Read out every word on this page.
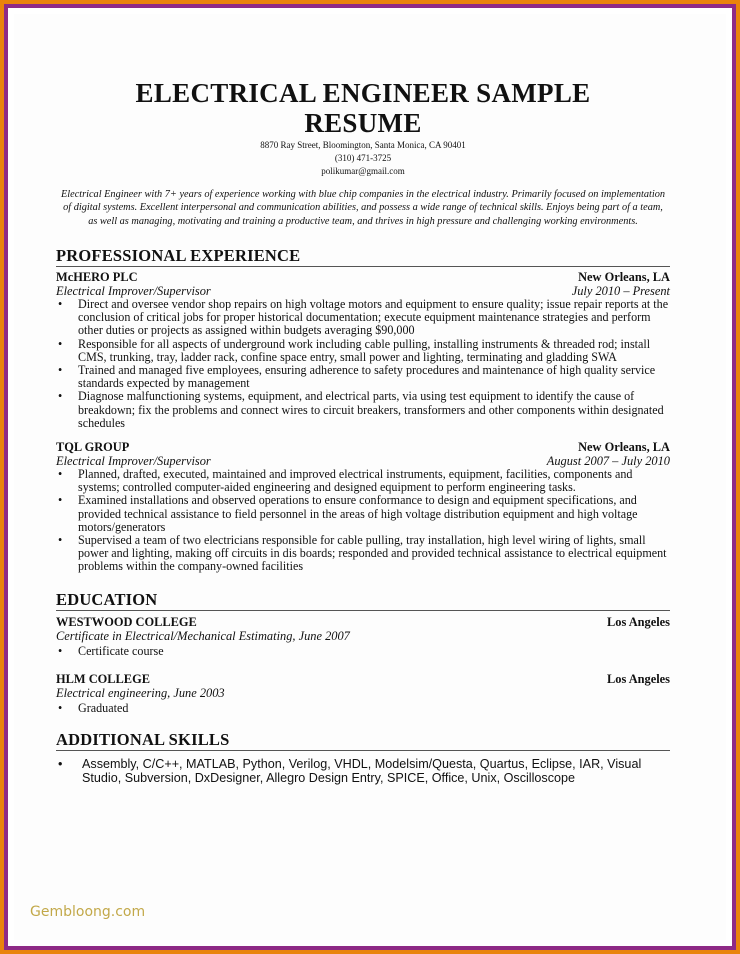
ELECTRICAL ENGINEER SAMPLE
RESUME
8870 Ray Street, Bloomington, Santa Monica, CA 90401
(310) 471-3725
polikumar@gmail.com
Electrical Engineer with 7+ years of experience working with blue chip companies in the electrical industry. Primarily focused on implementation of digital systems. Excellent interpersonal and communication abilities, and possess a wide range of technical skills. Enjoys being part of a team, as well as managing, motivating and training a productive team, and thrives in high pressure and challenging working environments.
PROFESSIONAL EXPERIENCE
McHERO PLC	New Orleans, LA
Electrical Improver/Supervisor	July 2010 – Present
• Direct and oversee vendor shop repairs on high voltage motors and equipment to ensure quality; issue repair reports at the conclusion of critical jobs for proper historical documentation; execute equipment maintenance strategies and perform other duties or projects as assigned within budgets averaging $90,000
• Responsible for all aspects of underground work including cable pulling, installing instruments & threaded rod; install CMS, trunking, tray, ladder rack, confine space entry, small power and lighting, terminating and gladding SWA
• Trained and managed five employees, ensuring adherence to safety procedures and maintenance of high quality service standards expected by management
• Diagnose malfunctioning systems, equipment, and electrical parts, via using test equipment to identify the cause of breakdown; fix the problems and connect wires to circuit breakers, transformers and other components within designated schedules
TQL GROUP	New Orleans, LA
Electrical Improver/Supervisor	August 2007 – July 2010
• Planned, drafted, executed, maintained and improved electrical instruments, equipment, facilities, components and systems; controlled computer-aided engineering and designed equipment to perform engineering tasks.
• Examined installations and observed operations to ensure conformance to design and equipment specifications, and provided technical assistance to field personnel in the areas of high voltage distribution equipment and high voltage motors/generators
• Supervised a team of two electricians responsible for cable pulling, tray installation, high level wiring of lights, small power and lighting, making off circuits in dis boards; responded and provided technical assistance to electrical equipment problems within the company-owned facilities
EDUCATION
WESTWOOD COLLEGE	Los Angeles
Certificate in Electrical/Mechanical Estimating, June 2007
• Certificate course
HLM COLLEGE	Los Angeles
Electrical engineering, June 2003
• Graduated
ADDITIONAL SKILLS
• Assembly, C/C++, MATLAB, Python, Verilog, VHDL, Modelsim/Questa, Quartus, Eclipse, IAR, Visual Studio, Subversion, DxDesigner, Allegro Design Entry, SPICE, Office, Unix, Oscilloscope
Gembloong.com
